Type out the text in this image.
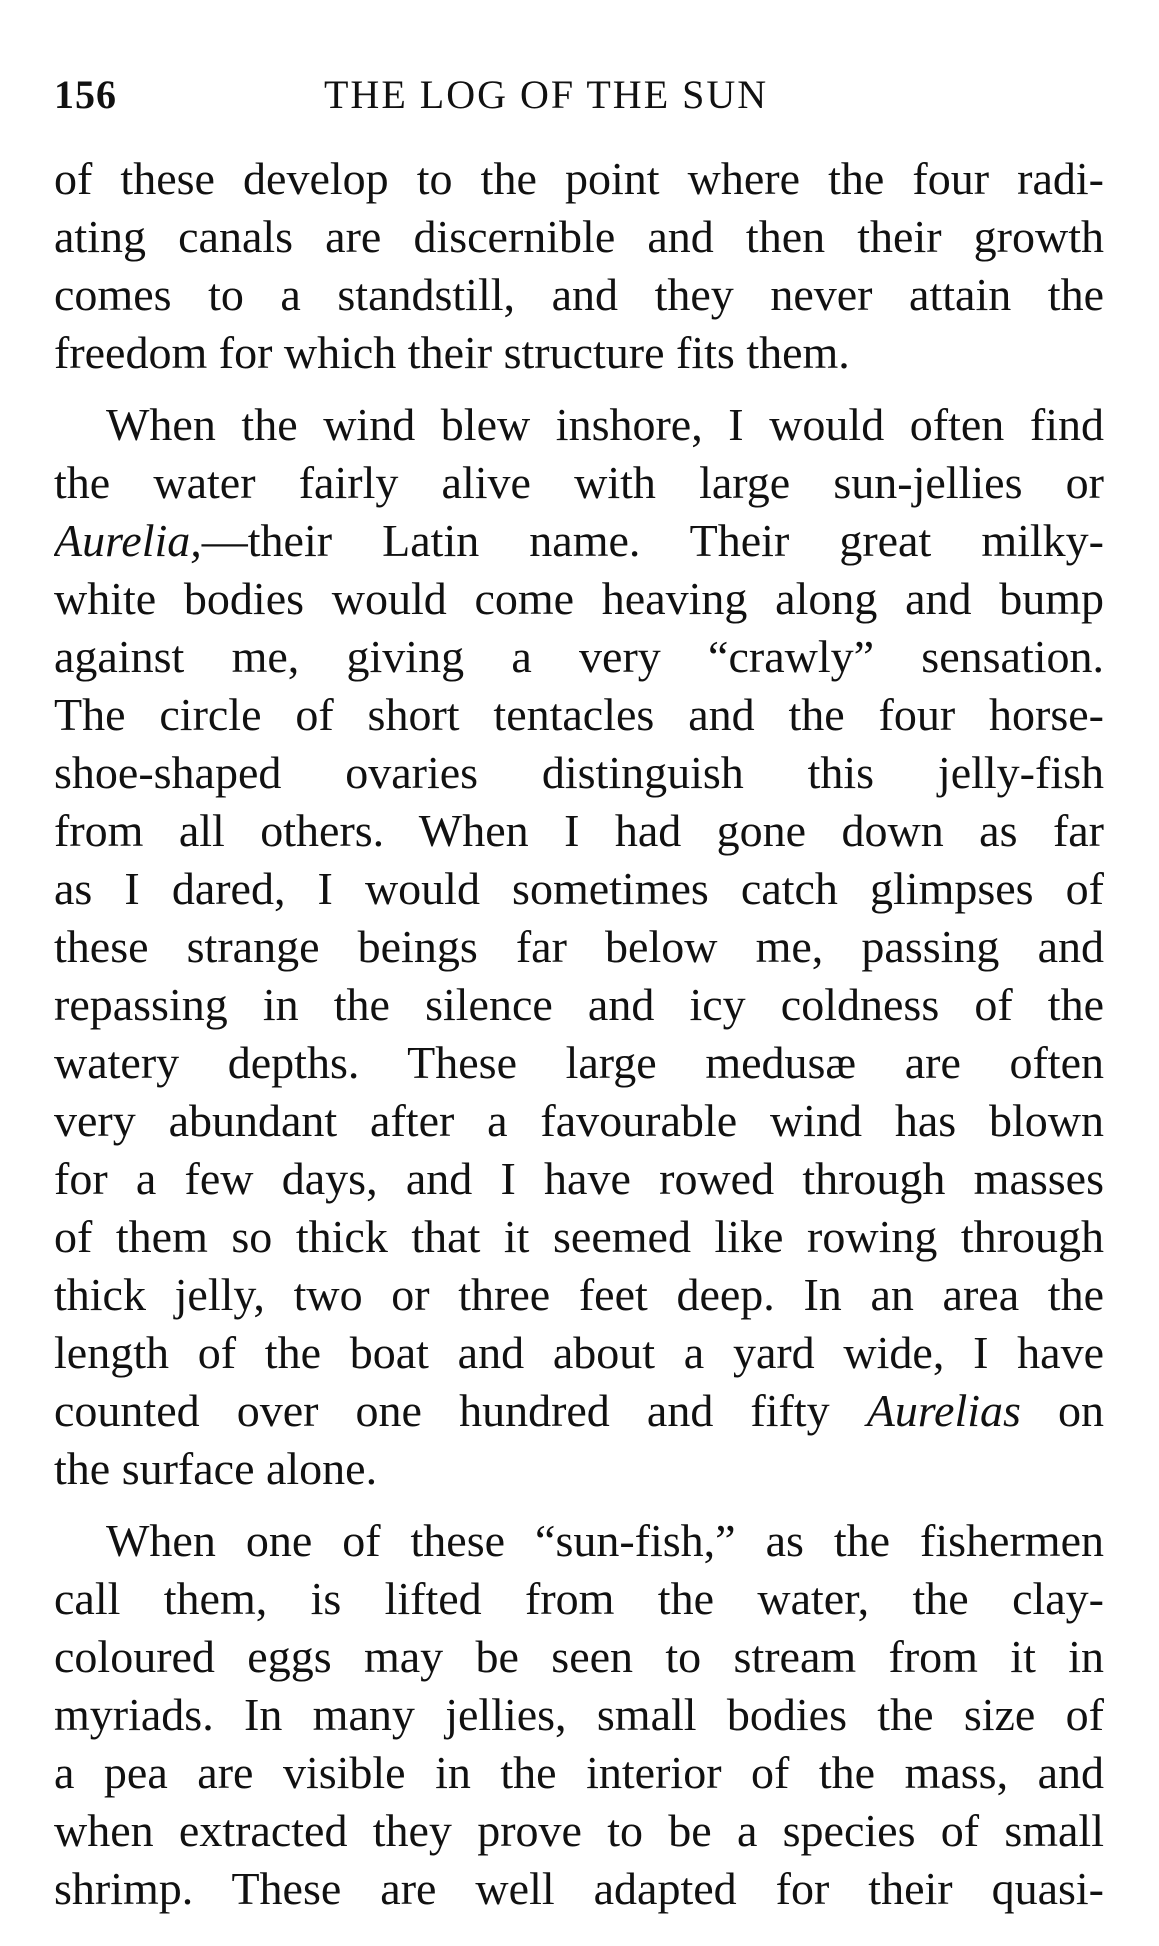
156	THE LOG OF THE SUN
of these develop to the point where the four radi-
ating canals are discernible and then their growth
comes to a standstill, and they never attain the
freedom for which their structure fits them.
When the wind blew inshore, I would often find
the water fairly alive with large sun-jellies or
Aurelia,—their Latin name. Their great milky-
white bodies would come heaving along and bump
against me, giving a very “crawly” sensation.
The circle of short tentacles and the four horse-
shoe-shaped ovaries distinguish this jelly-fish
from all others. When I had gone down as far
as I dared, I would sometimes catch glimpses of
these strange beings far below me, passing and
repassing in the silence and icy coldness of the
watery depths. These large medusæ are often
very abundant after a favourable wind has blown
for a few days, and I have rowed through masses
of them so thick that it seemed like rowing through
thick jelly, two or three feet deep. In an area the
length of the boat and about a yard wide, I have
counted over one hundred and fifty Aurelias on
the surface alone.
When one of these “sun-fish,” as the fishermen
call them, is lifted from the water, the clay-
coloured eggs may be seen to stream from it in
myriads. In many jellies, small bodies the size of
a pea are visible in the interior of the mass, and
when extracted they prove to be a species of small
shrimp. These are well adapted for their quasi-
